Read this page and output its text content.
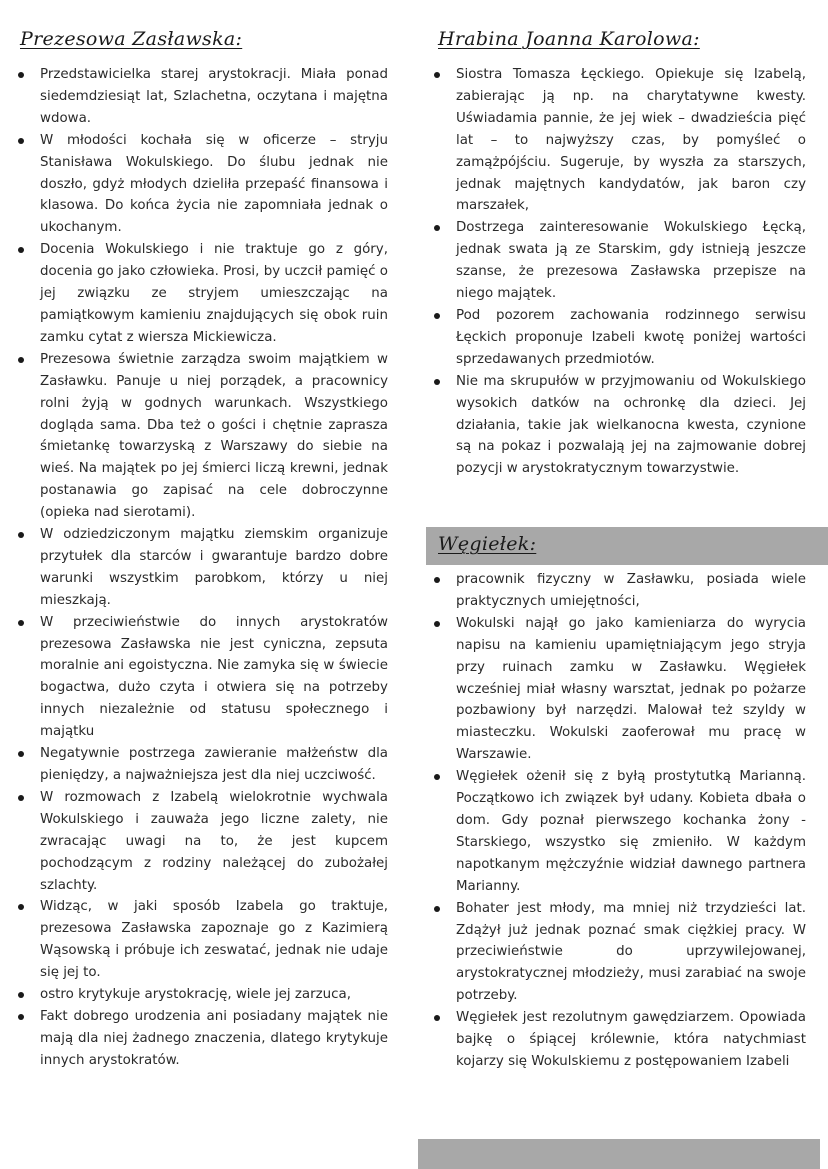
Prezesowa Zasławska:
Przedstawicielka starej arystokracji. Miała ponad siedemdziesiąt lat, Szlachetna, oczytana i majętna wdowa.
W młodości kochała się w oficerze – stryju Stanisława Wokulskiego. Do ślubu jednak nie doszło, gdyż młodych dzieliła przepaść finansowa i klasowa. Do końca życia nie zapomniała jednak o ukochanym.
Docenia Wokulskiego i nie traktuje go z góry, docenia go jako człowieka. Prosi, by uczcił pamięć o jej związku ze stryjem umieszczając na pamiątkowym kamieniu znajdujących się obok ruin zamku cytat z wiersza Mickiewicza.
Prezesowa świetnie zarządza swoim majątkiem w Zasławku. Panuje u niej porządek, a pracownicy rolni żyją w godnych warunkach. Wszystkiego dogląda sama. Dba też o gości i chętnie zaprasza śmietankę towarzyską z Warszawy do siebie na wieś. Na majątek po jej śmierci liczą krewni, jednak postanawia go zapisać na cele dobroczynne (opieka nad sierotami).
W odziedziczonym majątku ziemskim organizuje przytułek dla starców i gwarantuje bardzo dobre warunki wszystkim parobkom, którzy u niej mieszkają.
W przeciwieństwie do innych arystokratów prezesowa Zasławska nie jest cyniczna, zepsuta moralnie ani egoistyczna. Nie zamyka się w świecie bogactwa, dużo czyta i otwiera się na potrzeby innych niezależnie od statusu społecznego i majątku
Negatywnie postrzega zawieranie małżeństw dla pieniędzy, a najważniejsza jest dla niej uczciwość.
W rozmowach z Izabelą wielokrotnie wychwala Wokulskiego i zauważa jego liczne zalety, nie zwracając uwagi na to, że jest kupcem pochodzącym z rodziny należącej do zubożałej szlachty.
Widząc, w jaki sposób Izabela go traktuje, prezesowa Zasławska zapoznaje go z Kazimierą Wąsowską i próbuje ich zeswatać, jednak nie udaje się jej to.
ostro krytykuje arystokrację, wiele jej zarzuca,
Fakt dobrego urodzenia ani posiadany majątek nie mają dla niej żadnego znaczenia, dlatego krytykuje innych arystokratów.
Hrabina Joanna Karolowa:
Siostra Tomasza Łęckiego. Opiekuje się Izabelą, zabierając ją np. na charytatywne kwesty. Uświadamia pannie, że jej wiek – dwadzieścia pięć lat – to najwyższy czas, by pomyśleć o zamążpójściu. Sugeruje, by wyszła za starszych, jednak majętnych kandydatów, jak baron czy marszałek,
Dostrzega zainteresowanie Wokulskiego Łęcką, jednak swata ją ze Starskim, gdy istnieją jeszcze szanse, że prezesowa Zasławska przepisze na niego majątek.
Pod pozorem zachowania rodzinnego serwisu Łęckich proponuje Izabeli kwotę poniżej wartości sprzedawanych przedmiotów.
Nie ma skrupułów w przyjmowaniu od Wokulskiego wysokich datków na ochronkę dla dzieci. Jej działania, takie jak wielkanocna kwesta, czynione są na pokaz i pozwalają jej na zajmowanie dobrej pozycji w arystokratycznym towarzystwie.
Węgiełek:
pracownik fizyczny w Zasławku, posiada wiele praktycznych umiejętności,
Wokulski najął go jako kamieniarza do wyrycia napisu na kamieniu upamiętniającym jego stryja przy ruinach zamku w Zasławku. Węgiełek wcześniej miał własny warsztat, jednak po pożarze pozbawiony był narzędzi. Malował też szyldy w miasteczku. Wokulski zaoferował mu pracę w Warszawie.
Węgiełek ożenił się z byłą prostytutką Marianną. Początkowo ich związek był udany. Kobieta dbała o dom. Gdy poznał pierwszego kochanka żony - Starskiego, wszystko się zmieniło. W każdym napotkanym mężczyźnie widział dawnego partnera Marianny.
Bohater jest młody, ma mniej niż trzydzieści lat. Zdążył już jednak poznać smak ciężkiej pracy. W przeciwieństwie do uprzywilejowanej, arystokratycznej młodzieży, musi zarabiać na swoje potrzeby.
Węgiełek jest rezolutnym gawędziarzem. Opowiada bajkę o śpiącej królewnie, która natychmiast kojarzy się Wokulskiemu z postępowaniem Izabeli
